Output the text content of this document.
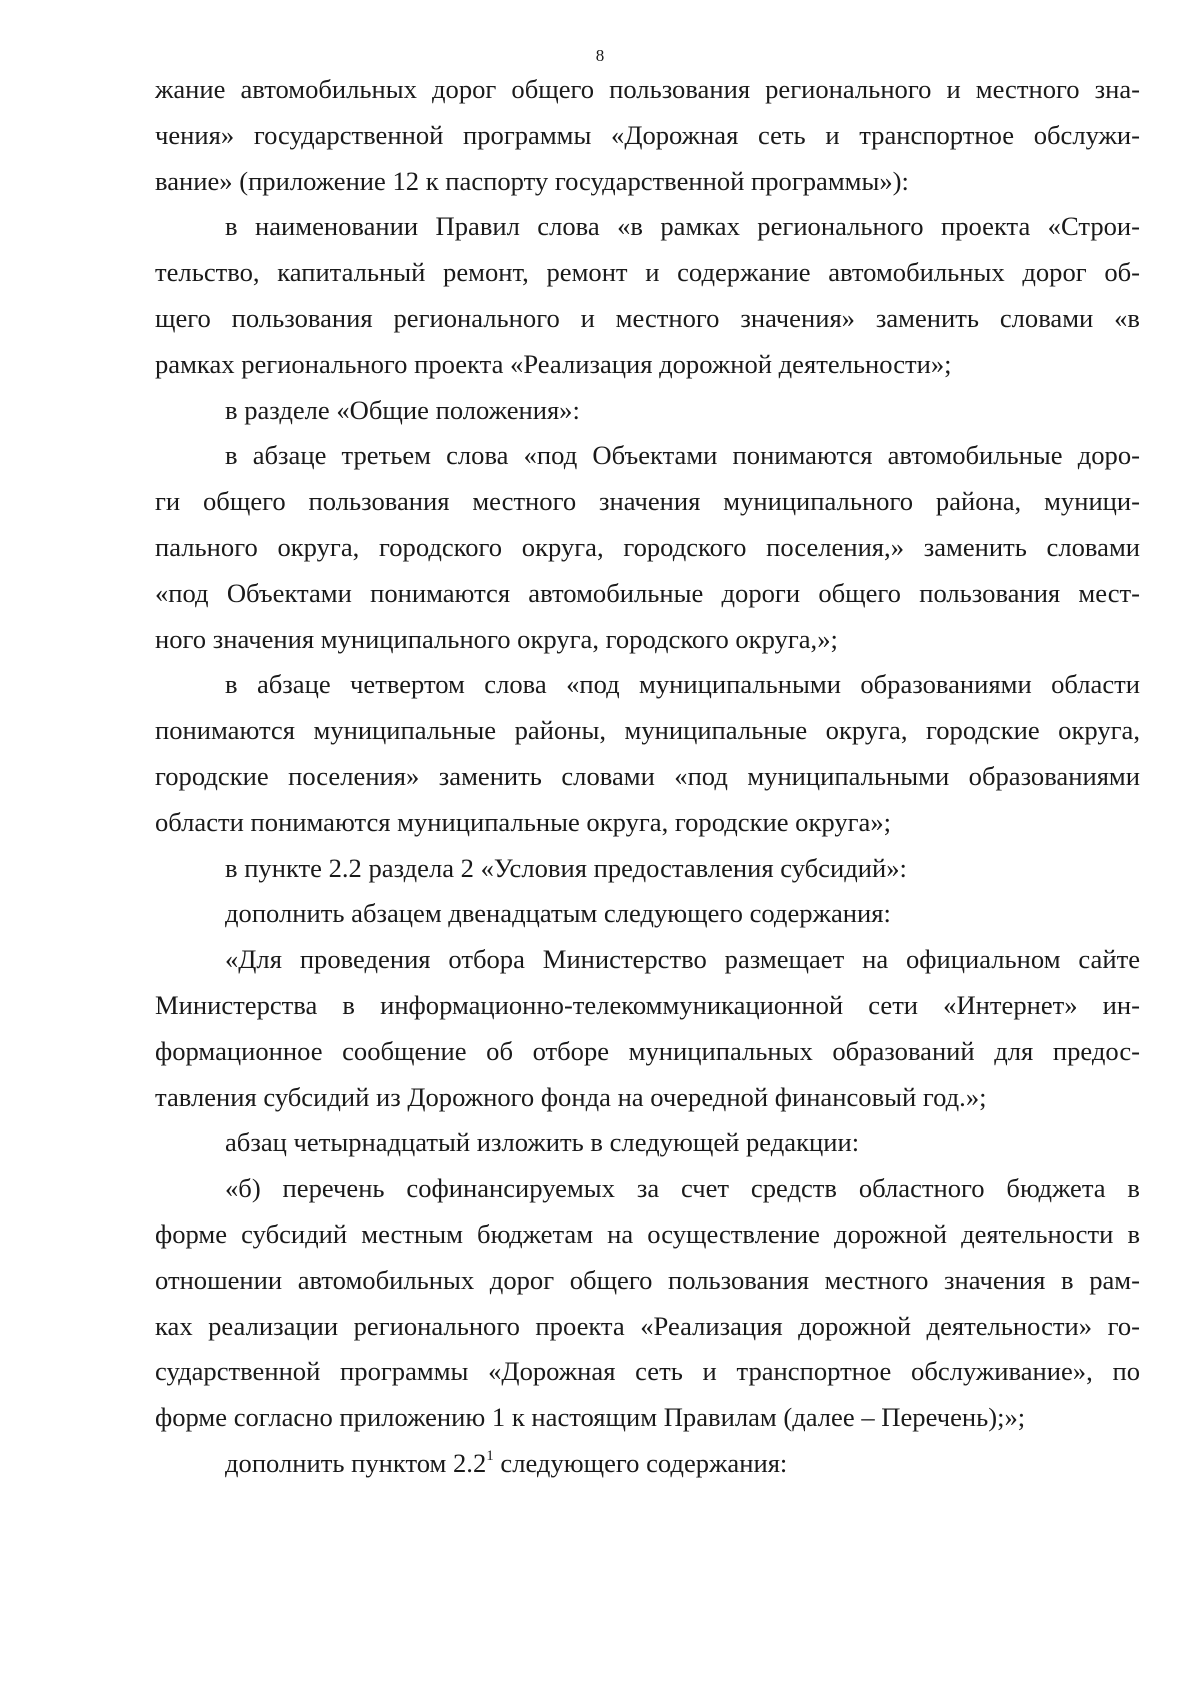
8
жание автомобильных дорог общего пользования регионального и местного зна-
чения» государственной программы «Дорожная сеть и транспортное обслужи-
вание» (приложение 12 к паспорту государственной программы»):
в наименовании Правил слова «в рамках регионального проекта «Строи-
тельство, капитальный ремонт, ремонт и содержание автомобильных дорог об-
щего пользования регионального и местного значения» заменить словами «в
рамках регионального проекта «Реализация дорожной деятельности»;
в разделе «Общие положения»:
в абзаце третьем слова «под Объектами понимаются автомобильные доро-
ги общего пользования местного значения муниципального района, муници-
пального округа, городского округа, городского поселения,» заменить словами
«под Объектами понимаются автомобильные дороги общего пользования мест-
ного значения муниципального округа, городского округа,»;
в абзаце четвертом слова «под муниципальными образованиями области
понимаются муниципальные районы, муниципальные округа, городские округа,
городские поселения» заменить словами «под муниципальными образованиями
области понимаются муниципальные округа, городские округа»;
в пункте 2.2 раздела 2 «Условия предоставления субсидий»:
дополнить абзацем двенадцатым следующего содержания:
«Для проведения отбора Министерство размещает на официальном сайте
Министерства в информационно-телекоммуникационной сети «Интернет» ин-
формационное сообщение об отборе муниципальных образований для предос-
тавления субсидий из Дорожного фонда на очередной финансовый год.»;
абзац четырнадцатый изложить в следующей редакции:
«б) перечень софинансируемых за счет средств областного бюджета в
форме субсидий местным бюджетам на осуществление дорожной деятельности в
отношении автомобильных дорог общего пользования местного значения в рам-
ках реализации регионального проекта «Реализация дорожной деятельности» го-
сударственной программы «Дорожная сеть и транспортное обслуживание», по
форме согласно приложению 1 к настоящим Правилам (далее – Перечень);»;
дополнить пунктом $2.2^1$ следующего содержания:
